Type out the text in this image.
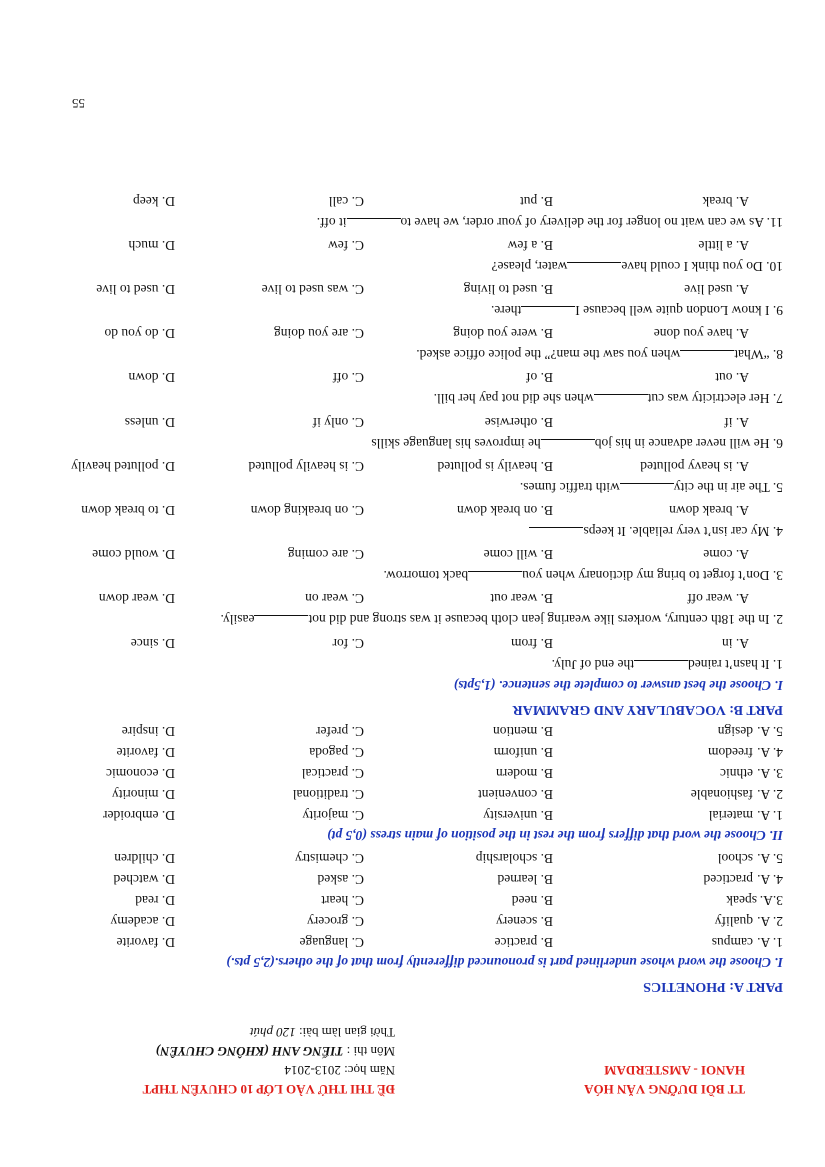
TT BỒI DƯỠNG VĂN HÓA
HANOI - AMSTERDAM
ĐỀ THI THỬ VÀO LỚP 10 CHUYÊN THPT
Năm học: 2013-2014
Môn thi : TIẾNG ANH (KHÔNG CHUYÊN)
Thời gian làm bài: 120 phút
PART A: PHONETICS
I. Choose the word whose underlined part is pronounced differently from that of the others.(2,5 pts.)
1. A.
campus
B. practice
C. language
D. favorite
2. A.
qualify
B. scenery
C. grocery
D. academy
3.A.
speak
B. need
C. heart
D. read
4. A.
practiced
B. learned
C. asked
D. watched
5. A.
school
B. scholarship
C. chemistry
D. children
II. Choose the word that differs from the rest in the position of main stress (0,5 pt)
1. A.
material
B. university
C. majority
D. embroider
2. A.
fashionable
B. convenient
C. traditional
D. minority
3. A.
ethnic
B. modern
C. practical
D. economic
4. A.
freedom
B. uniform
C. pagoda
D. favorite
5. A.
design
B. mention
C. prefer
D. inspire
PART B: VOCABULARY AND GRAMMAR
I. Choose the best answer to complete the sentence. (1,5pts)
1. It hasn’t rainedthe end of July.
A. in
B. from
C. for
D. since
2. In the 18th century, workers like wearing jean cloth because it was strong and did noteasily.
A. wear off
B. wear out
C. wear on
D. wear down
3. Don’t forget to bring my dictionary when youback tomorrow.
A. come
B. will come
C. are coming
D. would come
4. My car isn’t very reliable. It keeps
A. break down
B. on break down
C. on breaking down
D. to break down
5. The air in the citywith traffic fumes.
A. is heavy polluted
B. heavily is polluted
C. is heavily polluted
D. polluted heavily
6. He will never advance in his jobhe improves his language skills
A. if
B. otherwise
C. only if
D. unless
7. Her electricity was cutwhen she did not pay her bill.
A. out
B. of
C. off
D. down
8. “Whatwhen you saw the man?” the police office asked.
A. have you done
B. were you doing
C. are you doing
D. do you do
9. I know London quite well because Ithere.
A. used live
B. used to living
C. was used to live
D. used to live
10. Do you think I could havewater, please?
A. a little
B. a few
C. few
D. much
11. As we can wait no longer for the delivery of your order, we have toit off.
A. break
B. put
C. call
D. keep
55
